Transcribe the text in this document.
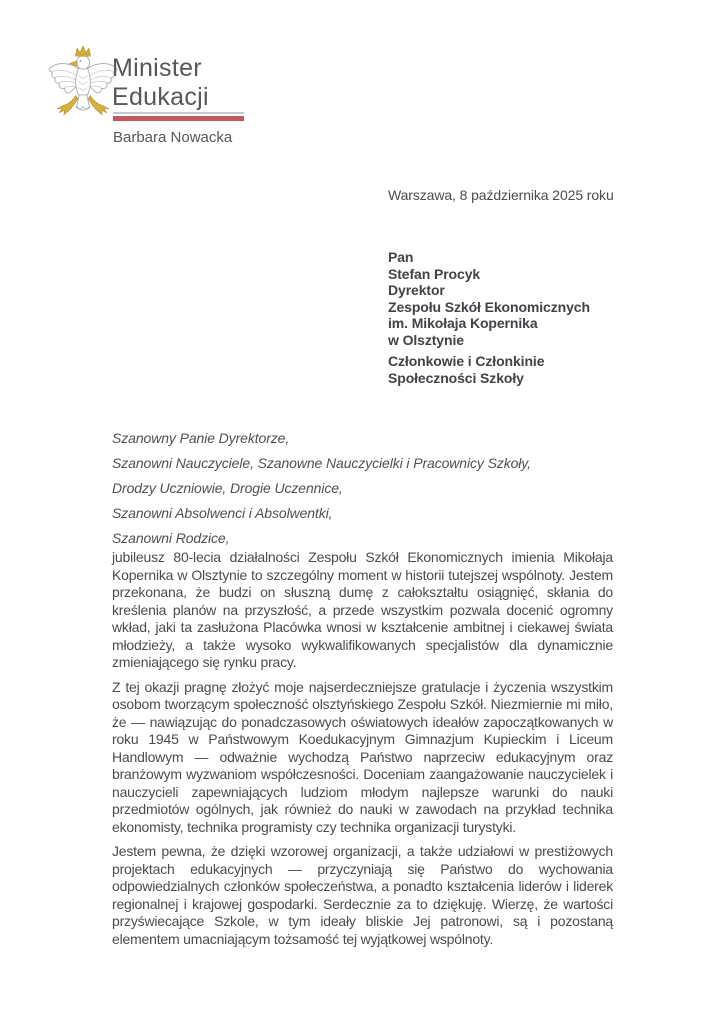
Minister
Edukacji
Barbara Nowacka
Warszawa, 8 października 2025 roku
Pan
Stefan Procyk
Dyrektor
Zespołu Szkół Ekonomicznych
im. Mikołaja Kopernika
w Olsztynie
Członkowie i Członkinie
Społeczności Szkoły
Szanowny Panie Dyrektorze,
Szanowni Nauczyciele, Szanowne Nauczycielki i Pracownicy Szkoły,
Drodzy Uczniowie, Drogie Uczennice,
Szanowni Absolwenci i Absolwentki,
Szanowni Rodzice,

jubileusz 80-lecia działalności Zespołu Szkół Ekonomicznych imienia Mikołaja Kopernika w Olsztynie to szczególny moment w historii tutejszej wspólnoty. Jestem przekonana, że budzi on słuszną dumę z całokształtu osiągnięć, skłania do kreślenia planów na przyszłość, a przede wszystkim pozwala docenić ogromny wkład, jaki ta zasłużona Placówka wnosi w kształcenie ambitnej i ciekawej świata młodzieży, a także wysoko wykwalifikowanych specjalistów dla dynamicznie zmieniającego się rynku pracy.

Z tej okazji pragnę złożyć moje najserdeczniejsze gratulacje i życzenia wszystkim osobom tworzącym społeczność olsztyńskiego Zespołu Szkół. Niezmiernie mi miło, że — nawiązując do ponadczasowych oświatowych ideałów zapoczątkowanych w roku 1945 w Państwowym Koedukacyjnym Gimnazjum Kupieckim i Liceum Handlowym — odważnie wychodzą Państwo naprzeciw edukacyjnym oraz branżowym wyzwaniom współczesności. Doceniam zaangażowanie nauczycielek i nauczycieli zapewniających ludziom młodym najlepsze warunki do nauki przedmiotów ogólnych, jak również do nauki w zawodach na przykład technika ekonomisty, technika programisty czy technika organizacji turystyki.

Jestem pewna, że dzięki wzorowej organizacji, a także udziałowi w prestiżowych projektach edukacyjnych — przyczyniają się Państwo do wychowania odpowiedzialnych członków społeczeństwa, a ponadto kształcenia liderów i liderek regionalnej i krajowej gospodarki. Serdecznie za to dziękuję. Wierzę, że wartości przyświecające Szkole, w tym ideały bliskie Jej patronowi, są i pozostaną elementem umacniającym tożsamość tej wyjątkowej wspólnoty.
